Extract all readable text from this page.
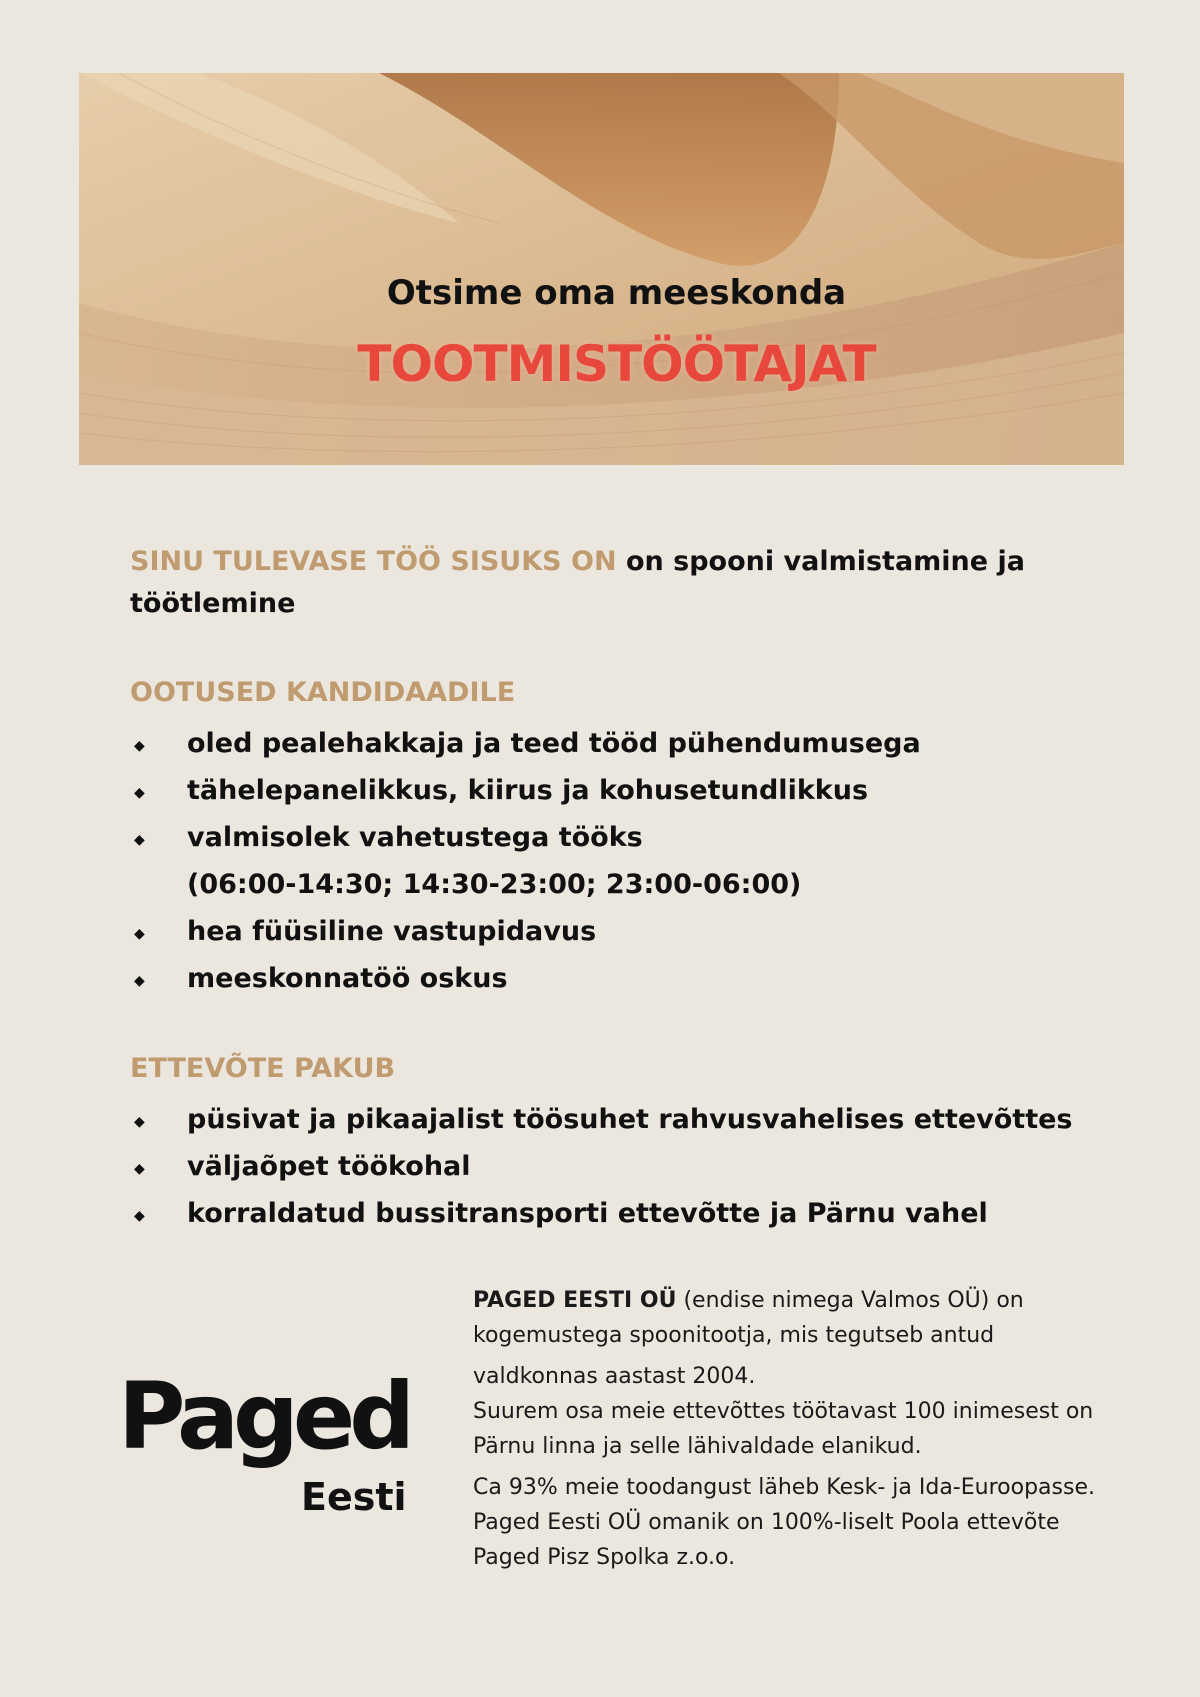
Otsime oma meeskonda
TOOTMISTÖÖTAJAT

SINU TULEVASE TÖÖ SISUKS ON on spooni valmistamine ja töötlemine

OOTUSED KANDIDAADILE
◆ oled pealehakkaja ja teed tööd pühendumusega
◆ tähelepanelikkus, kiirus ja kohusetundlikkus
◆ valmisolek vahetustega tööks
(06:00-14:30; 14:30-23:00; 23:00-06:00)
◆ hea füüsiline vastupidavus
◆ meeskonnatöö oskus
ETTEVÕTE PAKUB
◆ püsivat ja pikaajalist töösuhet rahvusvahelises ettevõttes
◆ väljaõpet töökohal
◆ korraldatud bussitransporti ettevõtte ja Pärnu vahel
Paged
Eesti

PAGED EESTI OÜ (endise nimega Valmos OÜ) on kogemustega spoonitootja, mis tegutseb antud

valdkonnas aastast 2004.

Suurem osa meie ettevõttes töötavast 100 inimesest on Pärnu linna ja selle lähivaldade elanikud.

Ca 93% meie toodangust läheb Kesk- ja Ida-Euroopasse.

Paged Eesti OÜ omanik on 100%-liselt Poola ettevõte Paged Pisz Spolka z.o.o.
